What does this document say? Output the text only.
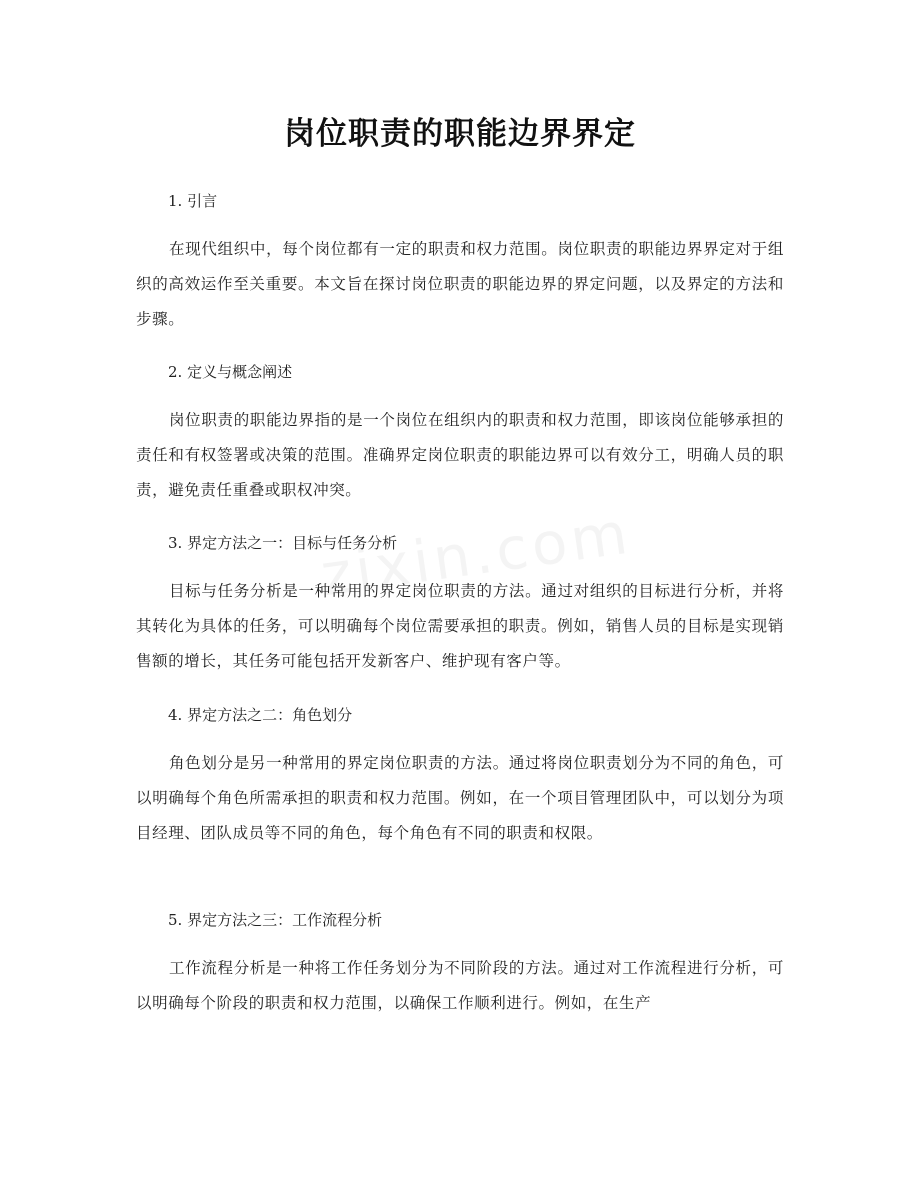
岗位职责的职能边界界定

1. 引言

在现代组织中，每个岗位都有一定的职责和权力范围。岗位职责的职能边界界定对于组织的高效运作至关重要。本文旨在探讨岗位职责的职能边界的界定问题，以及界定的方法和步骤。

2. 定义与概念阐述

岗位职责的职能边界指的是一个岗位在组织内的职责和权力范围，即该岗位能够承担的责任和有权签署或决策的范围。准确界定岗位职责的职能边界可以有效分工，明确人员的职责，避免责任重叠或职权冲突。

3. 界定方法之一：目标与任务分析

目标与任务分析是一种常用的界定岗位职责的方法。通过对组织的目标进行分析，并将其转化为具体的任务，可以明确每个岗位需要承担的职责。例如，销售人员的目标是实现销售额的增长，其任务可能包括开发新客户、维护现有客户等。

4. 界定方法之二：角色划分

角色划分是另一种常用的界定岗位职责的方法。通过将岗位职责划分为不同的角色，可以明确每个角色所需承担的职责和权力范围。例如，在一个项目管理团队中，可以划分为项目经理、团队成员等不同的角色，每个角色有不同的职责和权限。

5. 界定方法之三：工作流程分析

工作流程分析是一种将工作任务划分为不同阶段的方法。通过对工作流程进行分析，可以明确每个阶段的职责和权力范围，以确保工作顺利进行。例如，在生产
